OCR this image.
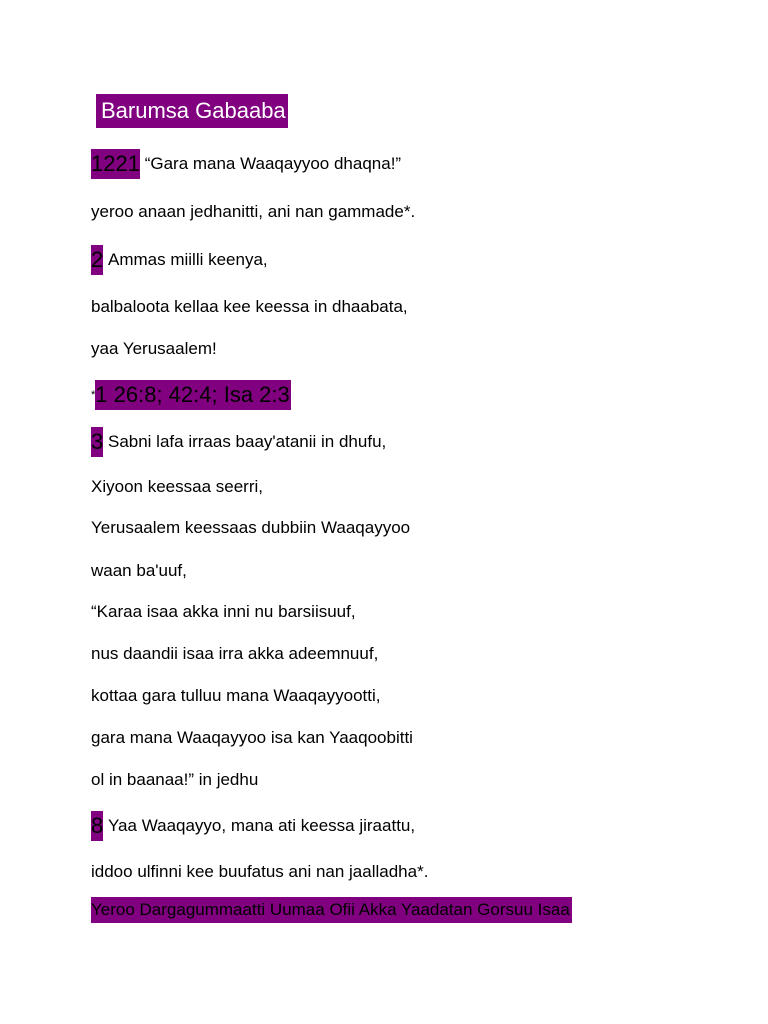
Barumsa Gabaaba
1221 “Gara mana Waaqayyoo dhaqna!”
yeroo anaan jedhanitti, ani nan gammade*.
2 Ammas miilli keenya,
balbaloota kellaa kee keessa in dhaabata,
yaa Yerusaalem!
*1 26:8; 42:4; Isa 2:3
3 Sabni lafa irraas baay'atanii in dhufu,
Xiyoon keessaa seerri,
Yerusaalem keessaas dubbiin Waaqayyoo
waan ba'uuf,
“Karaa isaa akka inni nu barsiisuuf,
nus daandii isaa irra akka adeemnuuf,
kottaa gara tulluu mana Waaqayyootti,
gara mana Waaqayyoo isa kan Yaaqoobitti
ol in baanaa!” in jedhu
8 Yaa Waaqayyo, mana ati keessa jiraattu,
iddoo ulfinni kee buufatus ani nan jaalladha*.
Yeroo Dargagummaatti Uumaa Ofii Akka Yaadatan Gorsuu Isaa
